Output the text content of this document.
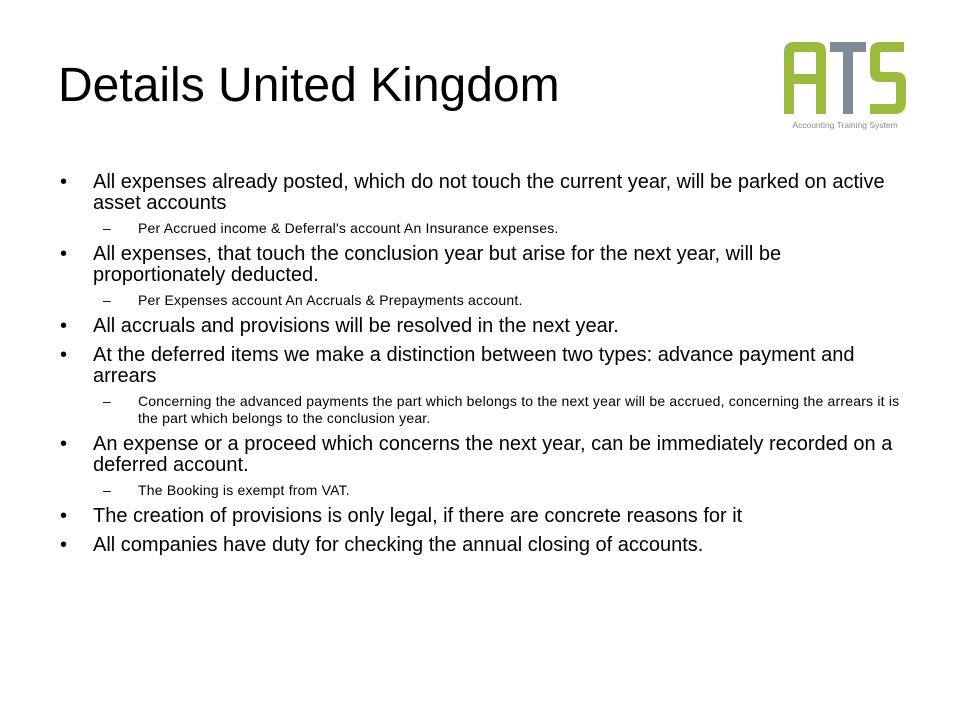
Details United Kingdom
Accounting Training System
• All expenses already posted, which do not touch the current year, will be parked on active asset accounts
– Per Accrued income & Deferral's account An Insurance expenses.
• All expenses, that touch the conclusion year but arise for the next year, will be proportionately deducted.
– Per Expenses account An Accruals & Prepayments account.
• All accruals and provisions will be resolved in the next year.
• At the deferred items we make a distinction between two types: advance payment and arrears
– Concerning the advanced payments the part which belongs to the next year will be accrued, concerning the arrears it is the part which belongs to the conclusion year.
• An expense or a proceed which concerns the next year, can be immediately recorded on a deferred account.
– The Booking is exempt from VAT.
• The creation of provisions is only legal, if there are concrete reasons for it
• All companies have duty for checking the annual closing of accounts.
